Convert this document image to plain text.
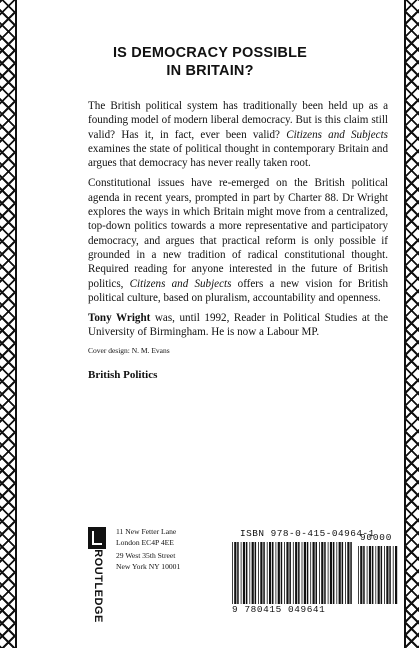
IS DEMOCRACY POSSIBLE
IN BRITAIN?

The British political system has traditionally been held up as a founding model of modern liberal democracy. But is this claim still valid? Has it, in fact, ever been valid? Citizens and Subjects examines the state of political thought in contemporary Britain and argues that democracy has never really taken root.

Constitutional issues have re-emerged on the British political agenda in recent years, prompted in part by Charter 88. Dr Wright explores the ways in which Britain might move from a centralized, top-down politics towards a more representative and participatory democracy, and argues that practical reform is only possible if grounded in a new tradition of radical constitutional thought. Required reading for anyone interested in the future of British politics, Citizens and Subjects offers a new vision for British political culture, based on pluralism, accountability and openness.

Tony Wright was, until 1992, Reader in Political Studies at the University of Birmingham. He is now a Labour MP.

Cover design: N. M. Evans
British Politics
ROUTLEDGE
11 New Fetter Lane
London EC4P 4EE
29 West 35th Street
New York NY 10001
ISBN 978-0-415-04964-1
90000
9 780415 049641
